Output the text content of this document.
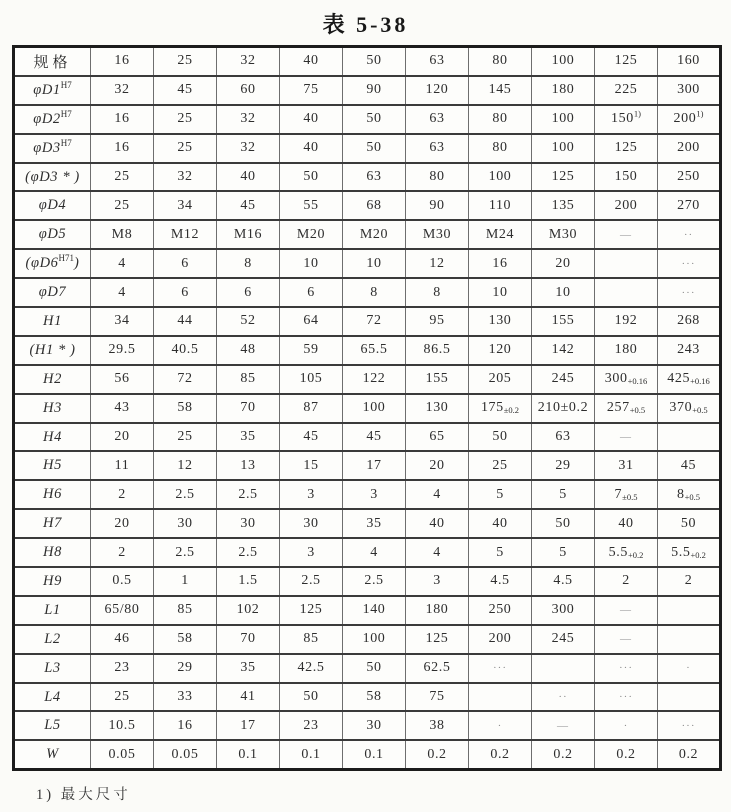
表 5-38
规格	16	25	32	40	50	63	80	100	125	160
$\varphi D1^{H7}$	32	45	60	75	90	120	145	180	225	300
$\varphi D2^{H7}$	16	25	32	40	50	63	80	100	150$^{1)}$	200$^{1)}$
$\varphi D3^{H7}$	16	25	32	40	50	63	80	100	125	200
(φD3 * )	25	32	40	50	63	80	100	125	150	250
φD4	25	34	45	55	68	90	110	135	200	270
φD5	M8	M12	M16	M20	M20	M30	M24	M30	—	··
$(\varphi D6^{H71})$	4	6	8	10	10	12	16	20		···
φD7	4	6	6	6	8	8	10	10		···
H1	34	44	52	64	72	95	130	155	192	268
(H1 * )	29.5	40.5	48	59	65.5	86.5	120	142	180	243
H2	56	72	85	105	122	155	205	245	$300_{+0.16}$	$425_{+0.16}$
H3	43	58	70	87	100	130	$175_{\pm 0.2}$	210±0.2	$257_{+0.5}$	$370_{+0.5}$
H4	20	25	35	45	45	65	50	63	—	
H5	11	12	13	15	17	20	25	29	31	45
H6	2	2.5	2.5	3	3	4	5	5	$7_{\pm 0.5}$	$8_{+0.5}$
H7	20	30	30	30	35	40	40	50	40	50
H8	2	2.5	2.5	3	4	4	5	5	$5.5_{+0.2}$	$5.5_{+0.2}$
H9	0.5	1	1.5	2.5	2.5	3	4.5	4.5	2	2
L1	65/80	85	102	125	140	180	250	300	—	
L2	46	58	70	85	100	125	200	245	—	
L3	23	29	35	42.5	50	62.5	···		···	·
L4	25	33	41	50	58	75		··	···	
L5	10.5	16	17	23	30	38	·	—	·	···
W	0.05	0.05	0.1	0.1	0.1	0.2	0.2	0.2	0.2	0.2
1) 最大尺寸
